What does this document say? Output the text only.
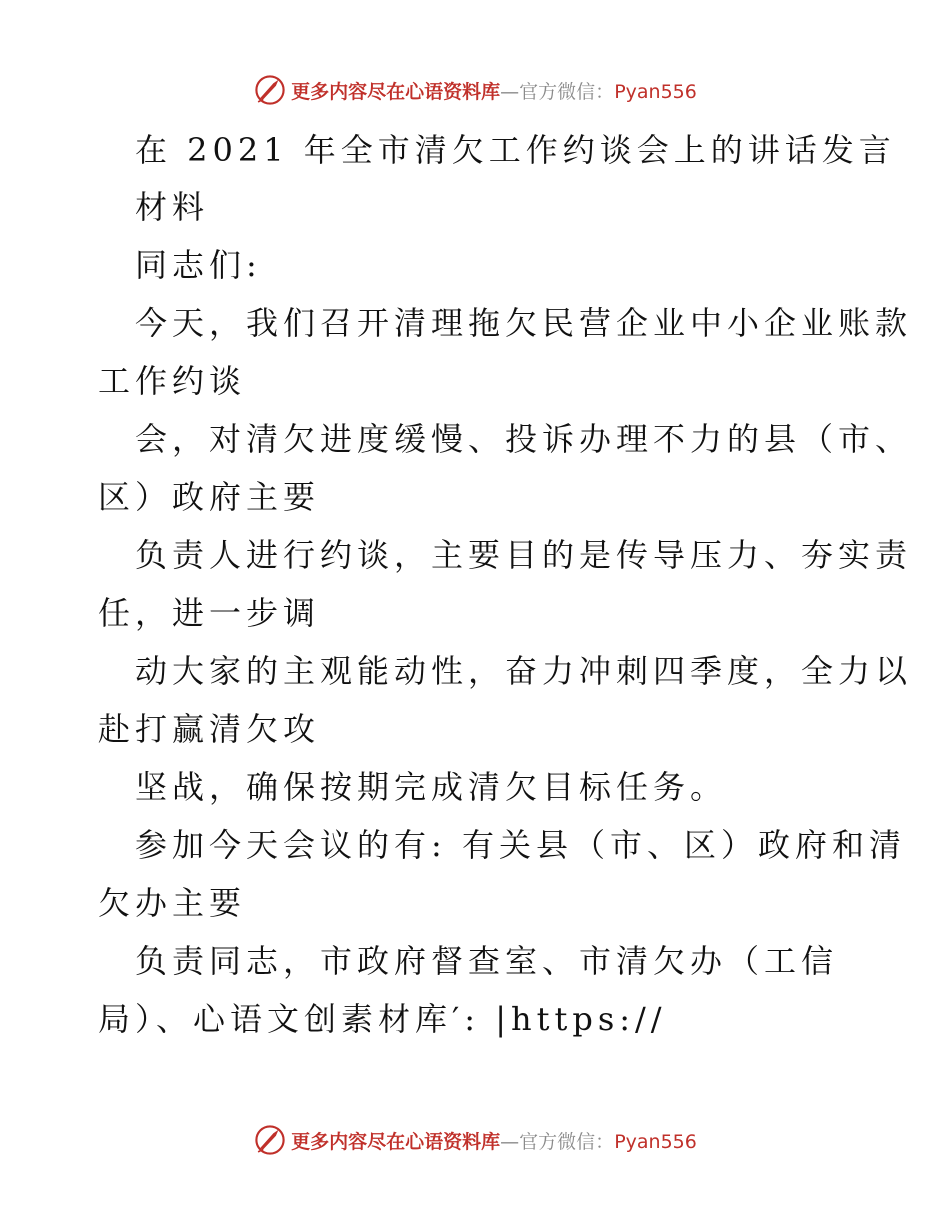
更多内容尽在心语资料库—官方微信：Pyan556
在 2021 年全市清欠工作约谈会上的讲话发言
材料
同志们:
今天，我们召开清理拖欠民营企业中小企业账款
工作约谈
会，对清欠进度缓慢、投诉办理不力的县（市、
区）政府主要
负责人进行约谈，主要目的是传导压力、夯实责
任，进一步调
动大家的主观能动性，奋力冲刺四季度，全力以
赴打赢清欠攻
坚战，确保按期完成清欠目标任务。
参加今天会议的有: 有关县（市、区）政府和清
欠办主要
负责同志，市政府督查室、市清欠办（工信
局）、心语文创素材库′: |https://
更多内容尽在心语资料库—官方微信：Pyan556
